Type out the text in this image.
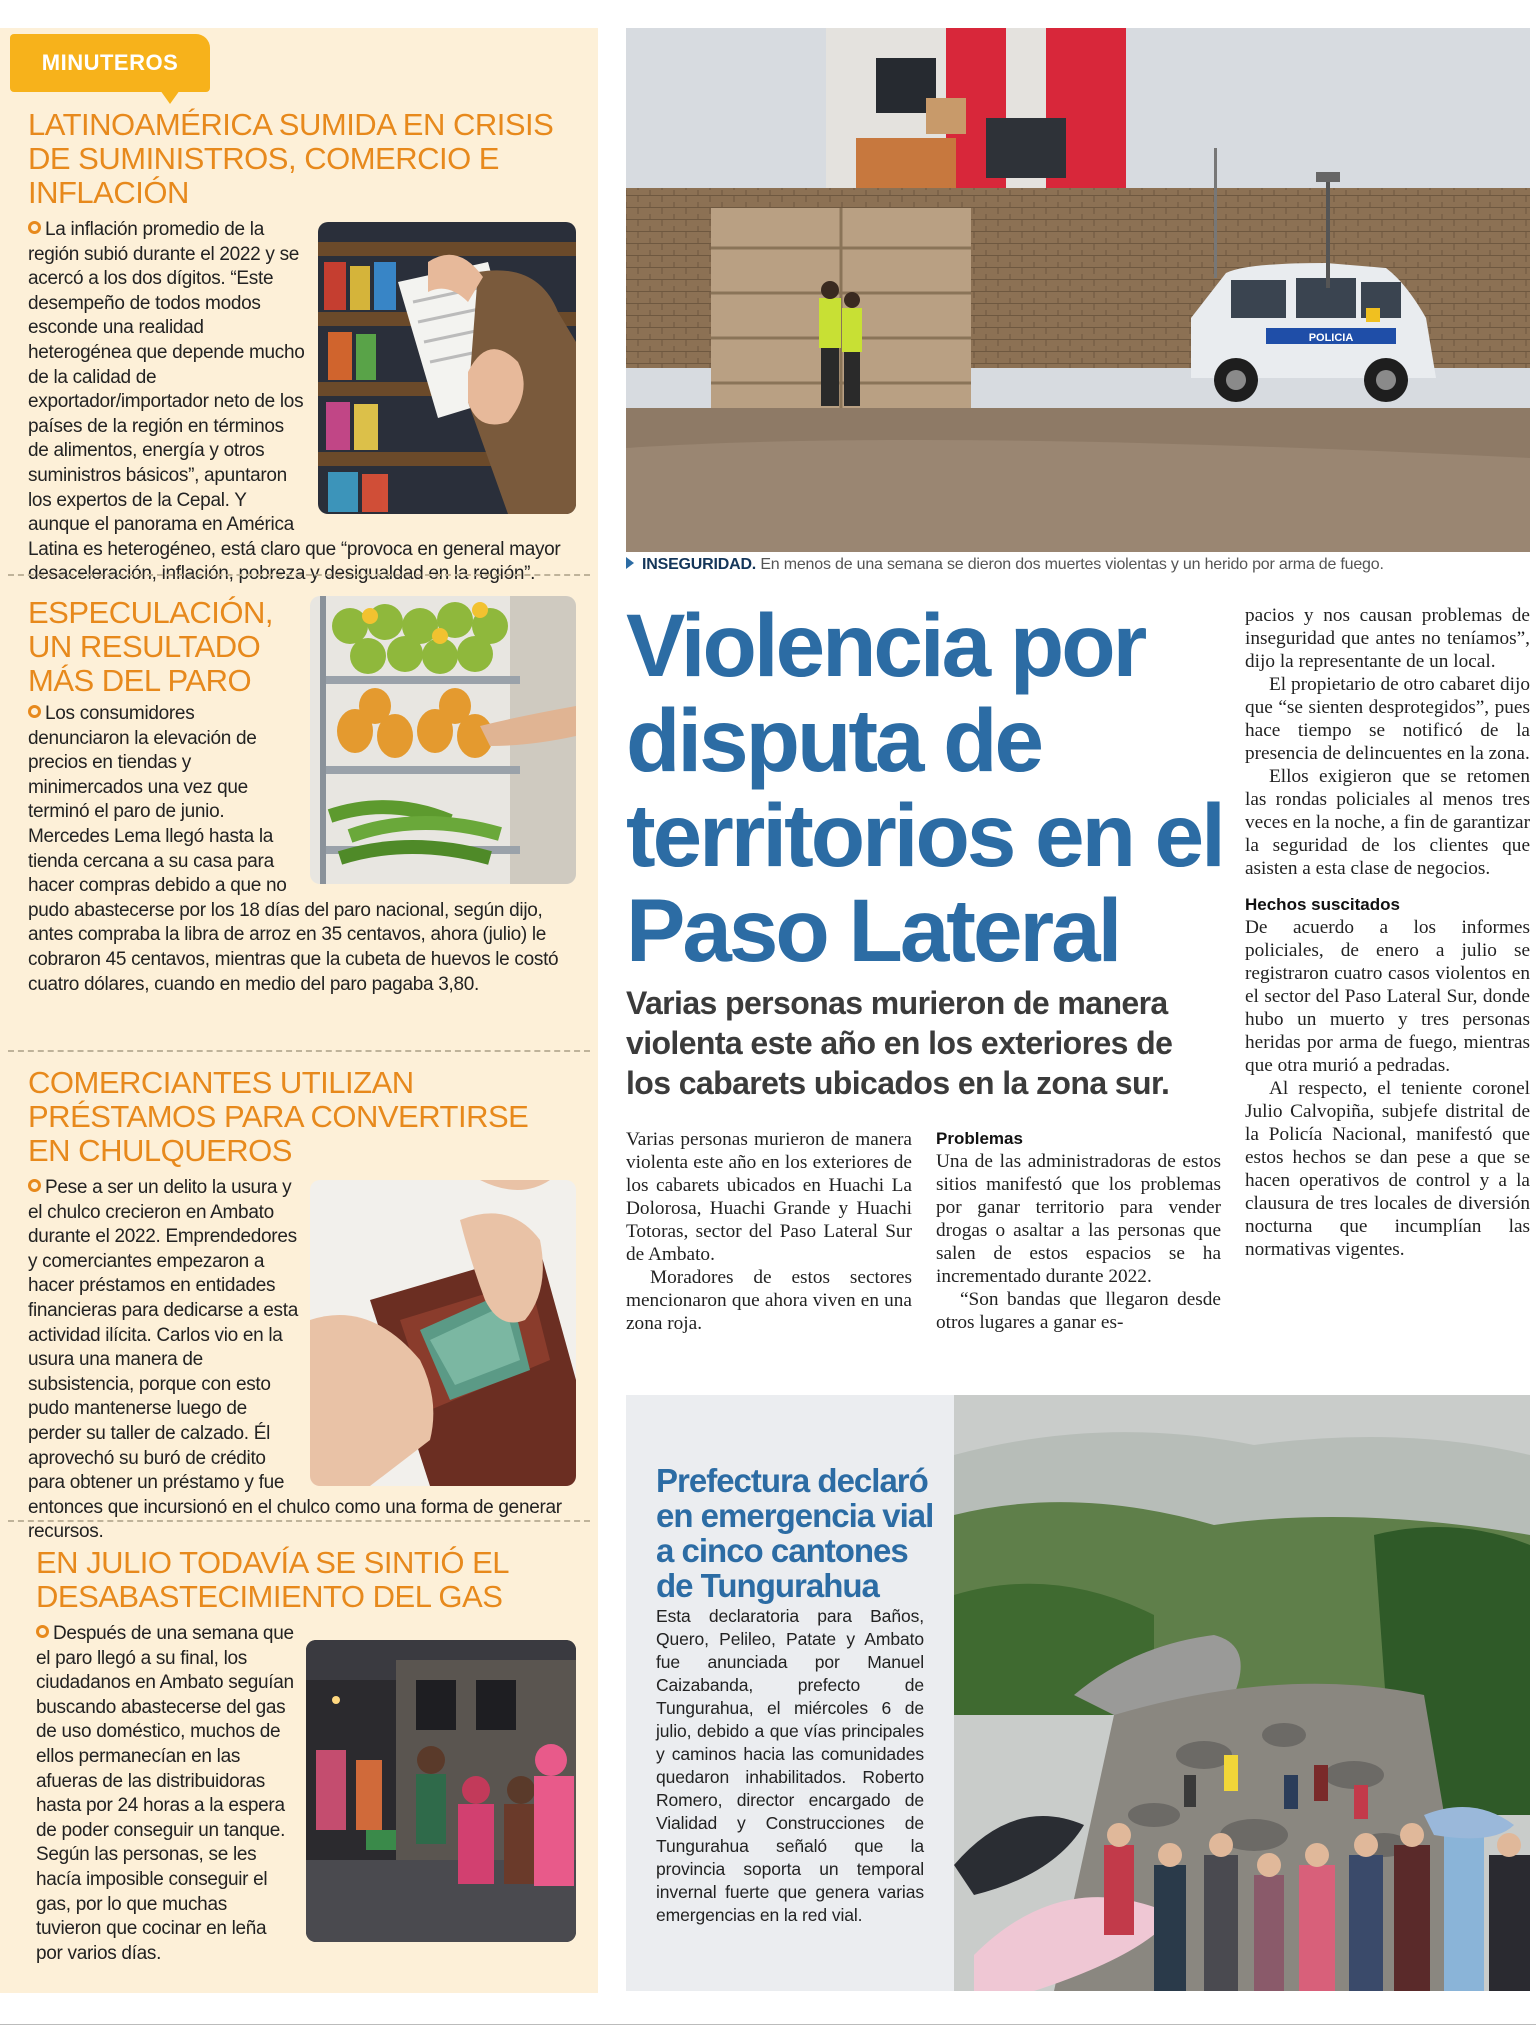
MINUTEROS
LATINOAMÉRICA SUMIDA EN CRISIS DE SUMINISTROS, COMERCIO E INFLACIÓN

La inflación promedio de la región subió durante el 2022 y se acercó a los dos dígitos. “Este desempeño de todos modos esconde una realidad heterogénea que depende mucho de la calidad de exportador/importador neto de los países de la región en términos de alimentos, energía y otros suministros básicos”, apuntaron los expertos de la Cepal. Y aunque el panorama en América Latina es heterogéneo, está claro que “provoca en general mayor desaceleración, inflación, pobreza y desigualdad en la región”.

ESPECULACIÓN, UN RESULTADO MÁS DEL PARO

Los consumidores denunciaron la elevación de precios en tiendas y minimercados una vez que terminó el paro de junio. Mercedes Lema llegó hasta la tienda cercana a su casa para hacer compras debido a que no pudo abastecerse por los 18 días del paro nacional, según dijo, antes compraba la libra de arroz en 35 centavos, ahora (julio) le cobraron 45 centavos, mientras que la cubeta de huevos le costó cuatro dólares, cuando en medio del paro pagaba 3,80.

COMERCIANTES UTILIZAN PRÉSTAMOS PARA CONVERTIRSE EN CHULQUEROS

Pese a ser un delito la usura y el chulco crecieron en Ambato durante el 2022. Emprendedores y comerciantes empezaron a hacer préstamos en entidades financieras para dedicarse a esta actividad ilícita. Carlos vio en la usura una manera de subsistencia, porque con esto pudo mantenerse luego de perder su taller de calzado. Él aprovechó su buró de crédito para obtener un préstamo y fue entonces que incursionó en el chulco como una forma de generar recursos.

EN JULIO TODAVÍA SE SINTIÓ EL DESABASTECIMIENTO DEL GAS

Después de una semana que el paro llegó a su final, los ciudadanos en Ambato seguían buscando abastecerse del gas de uso doméstico, muchos de ellos permanecían en las afueras de las distribuidoras hasta por 24 horas a la espera de poder conseguir un tanque. Según las personas, se les hacía imposible conseguir el gas, por lo que muchas tuvieron que cocinar en leña por varios días.

POLICIA
INSEGURIDAD. En menos de una semana se dieron dos muertes violentas y un herido por arma de fuego.
Violencia por disputa de territorios en el Paso Lateral
Varias personas murieron de manera violenta este año en los exteriores de los cabarets ubicados en la zona sur.

Varias personas murieron de manera violenta este año en los exteriores de los cabarets ubicados en Huachi La Dolorosa, Huachi Grande y Huachi Totoras, sector del Paso Lateral Sur de Ambato.

Moradores de estos sectores mencionaron que ahora viven en una zona roja.

Problemas

Una de las administradoras de estos sitios manifestó que los problemas por ganar territorio para vender drogas o asaltar a las personas que salen de estos espacios se ha incrementado durante 2022.

“Son bandas que llegaron desde otros lugares a ganar es-

pacios y nos causan problemas de inseguridad que antes no teníamos”, dijo la representante de un local.

El propietario de otro cabaret dijo que “se sienten desprotegidos”, pues hace tiempo se notificó de la presencia de delincuentes en la zona.

Ellos exigieron que se retomen las rondas policiales al menos tres veces en la noche, a fin de garantizar la seguridad de los clientes que asisten a esta clase de negocios.

Hechos suscitados

De acuerdo a los informes policiales, de enero a julio se registraron cuatro casos violentos en el sector del Paso Lateral Sur, donde hubo un muerto y tres personas heridas por arma de fuego, mientras que otra murió a pedradas.

Al respecto, el teniente coronel Julio Calvopiña, subjefe distrital de la Policía Nacional, manifestó que estos hechos se dan pese a que se hacen operativos de control y a la clausura de tres locales de diversión nocturna que incumplían las normativas vigentes.

Prefectura declaró en emergencia vial a cinco cantones de Tungurahua

Esta declaratoria para Baños, Quero, Pelileo, Patate y Ambato fue anunciada por Manuel Caizabanda, prefecto de Tungurahua, el miércoles 6 de julio, debido a que vías principales y caminos hacia las comunidades quedaron inhabilitados. Roberto Romero, director encargado de Vialidad y Construcciones de Tungurahua señaló que la provincia soporta un temporal invernal fuerte que genera varias emergencias en la red vial.
